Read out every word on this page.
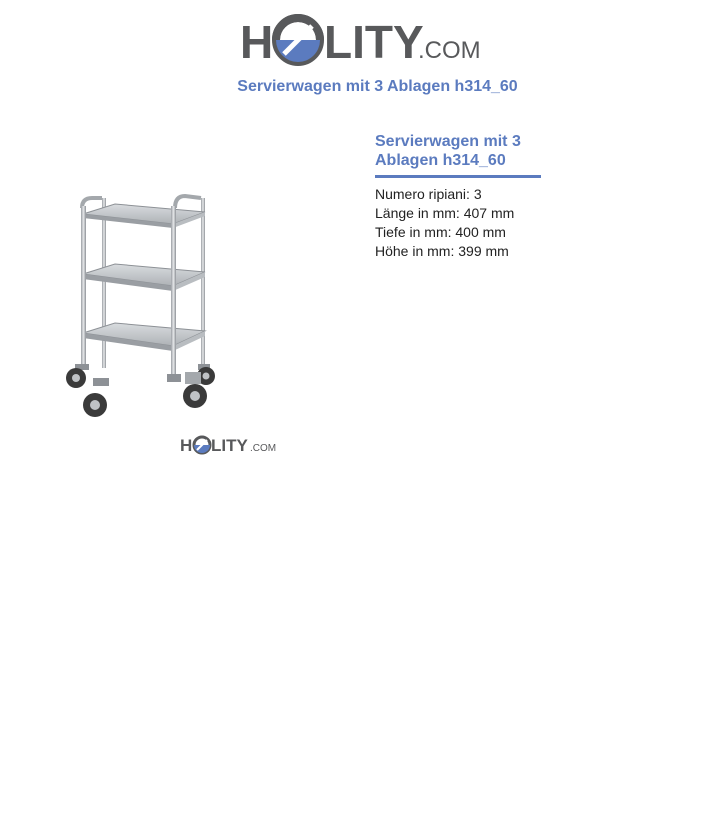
H LITY
.COM
Servierwagen mit 3 Ablagen h314_60
H LITY .COM
Servierwagen mit 3
Ablagen h314_60
Numero ripiani: 3
Länge in mm: 407 mm
Tiefe in mm: 400 mm
Höhe in mm: 399 mm
